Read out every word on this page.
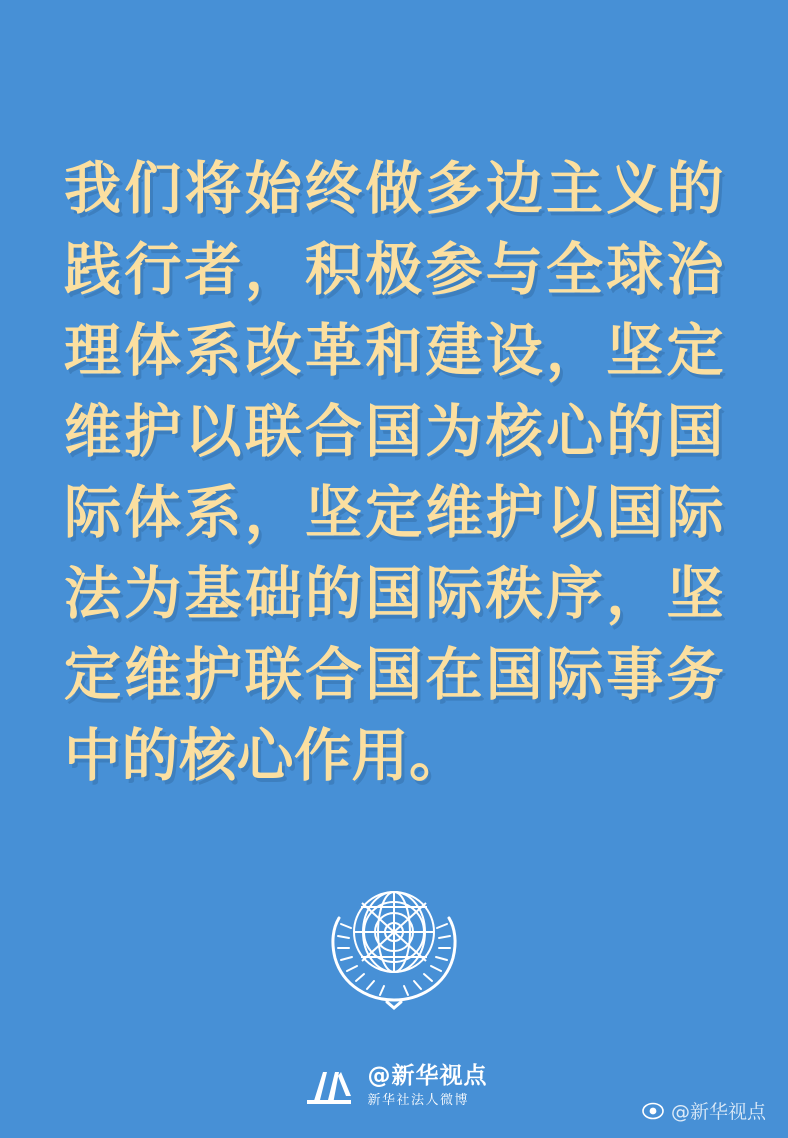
我们将始终做多边主义的践行者，积极参与全球治理体系改革和建设，坚定维护以联合国为核心的国际体系，坚定维护以国际法为基础的国际秩序，坚定维护联合国在国际事务中的核心作用。
@新华视点
新华社法人微博
@新华视点
